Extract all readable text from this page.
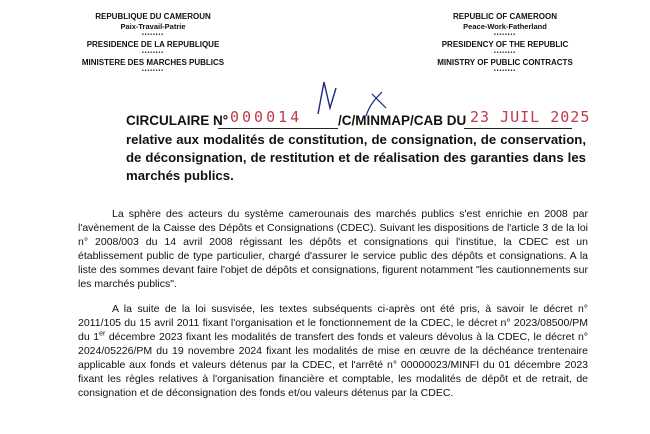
REPUBLIQUE DU CAMEROUN
Paix-Travail-Patrie
••••••••
PRESIDENCE DE LA REPUBLIQUE
••••••••
MINISTERE DES MARCHES PUBLICS
••••••••
REPUBLIC OF CAMEROON
Peace-Work-Fatherland
••••••••
PRESIDENCY OF THE REPUBLIC
••••••••
MINISTRY OF PUBLIC CONTRACTS
••••••••
CIRCULAIRE N° 000014	/C/MINMAP/CAB DU 23 JUIL 2025
relative aux modalités de constitution, de consignation, de conservation, de déconsignation, de restitution et de réalisation des garanties dans les marchés publics.
La sphère des acteurs du système camerounais des marchés publics s'est enrichie en 2008 par l'avènement de la Caisse des Dépôts et Consignations (CDEC). Suivant les dispositions de l'article 3 de la loi n° 2008/003 du 14 avril 2008 régissant les dépôts et consignations qui l'institue, la CDEC est un établissement public de type particulier, chargé d'assurer le service public des dépôts et consignations. A la liste des sommes devant faire l'objet de dépôts et consignations, figurent notamment "les cautionnements sur les marchés publics".
A la suite de la loi susvisée, les textes subséquents ci-après ont été pris, à savoir le décret n° 2011/105 du 15 avril 2011 fixant l'organisation et le fonctionnement de la CDEC, le décret n° 2023/08500/PM du 1er décembre 2023 fixant les modalités de transfert des fonds et valeurs dévolus à la CDEC, le décret n° 2024/05226/PM du 19 novembre 2024 fixant les modalités de mise en œuvre de la déchéance trentenaire applicable aux fonds et valeurs détenus par la CDEC, et l'arrêté n° 00000023/MINFI du 01 décembre 2023 fixant les règles relatives à l'organisation financière et comptable, les modalités de dépôt et de retrait, de consignation et de déconsignation des fonds et/ou valeurs détenus par la CDEC.
